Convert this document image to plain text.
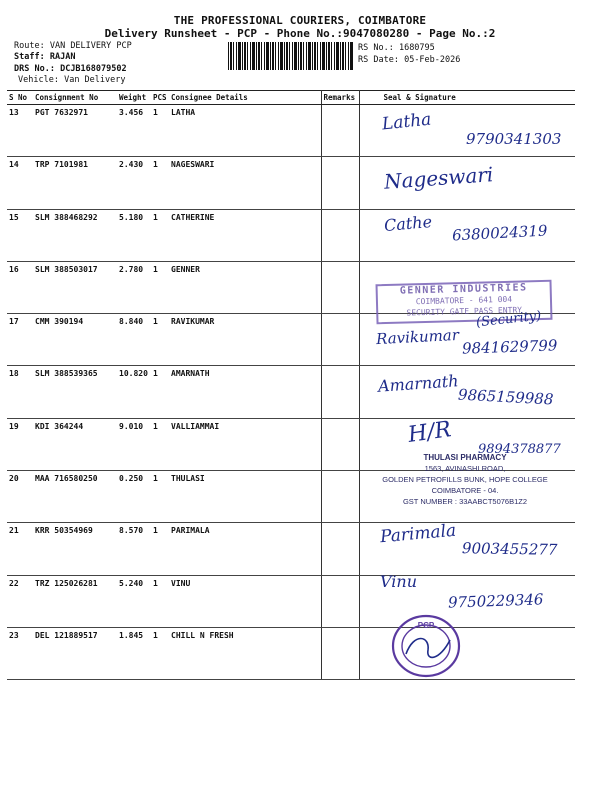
THE PROFESSIONAL COURIERS, COIMBATORE
Delivery Runsheet - PCP - Phone No.:9047080280 - Page No.:2
Route: VAN DELIVERY PCP
Staff: RAJAN
DRS No.: DCJB168079502
Vehicle: Van Delivery
RS No.: 1680795
RS Date: 05-Feb-2026
S No	Consignment No	Weight	PCS	Consignee Details	Remarks	Seal & Signature
13	PGT 7632971	3.456	1	LATHA		
14	TRP 7101981	2.430	1	NAGESWARI		
15	SLM 388468292	5.180	1	CATHERINE		
16	SLM 388503017	2.780	1	GENNER		
17	CMM 390194	8.840	1	RAVIKUMAR		
18	SLM 388539365	10.820	1	AMARNATH		
19	KDI 364244	9.010	1	VALLIAMMAI		
20	MAA 716580250	0.250	1	THULASI		
21	KRR 50354969	8.570	1	PARIMALA		
22	TRZ 125026281	5.240	1	VINU		
23	DEL 121889517	1.845	1	CHILL N FRESH		
Latha
9790341303
Nageswari
Cathe 6380024319
GENNER INDUSTRIES
COIMBATORE - 641 004
SECURITY GATE PASS ENTRY
Ravikumar
(Security)
9841629799
Amarnath
9865159988
H/R
9894378877
THULASI PHARMACY
1563, AVINASHI ROAD,
GOLDEN PETROFILLS BUNK, HOPE COLLEGE
COIMBATORE - 04.
GST NUMBER : 33AABCT5076B1Z2
Parimala
9003455277
Vinu
9750229346
PCP
